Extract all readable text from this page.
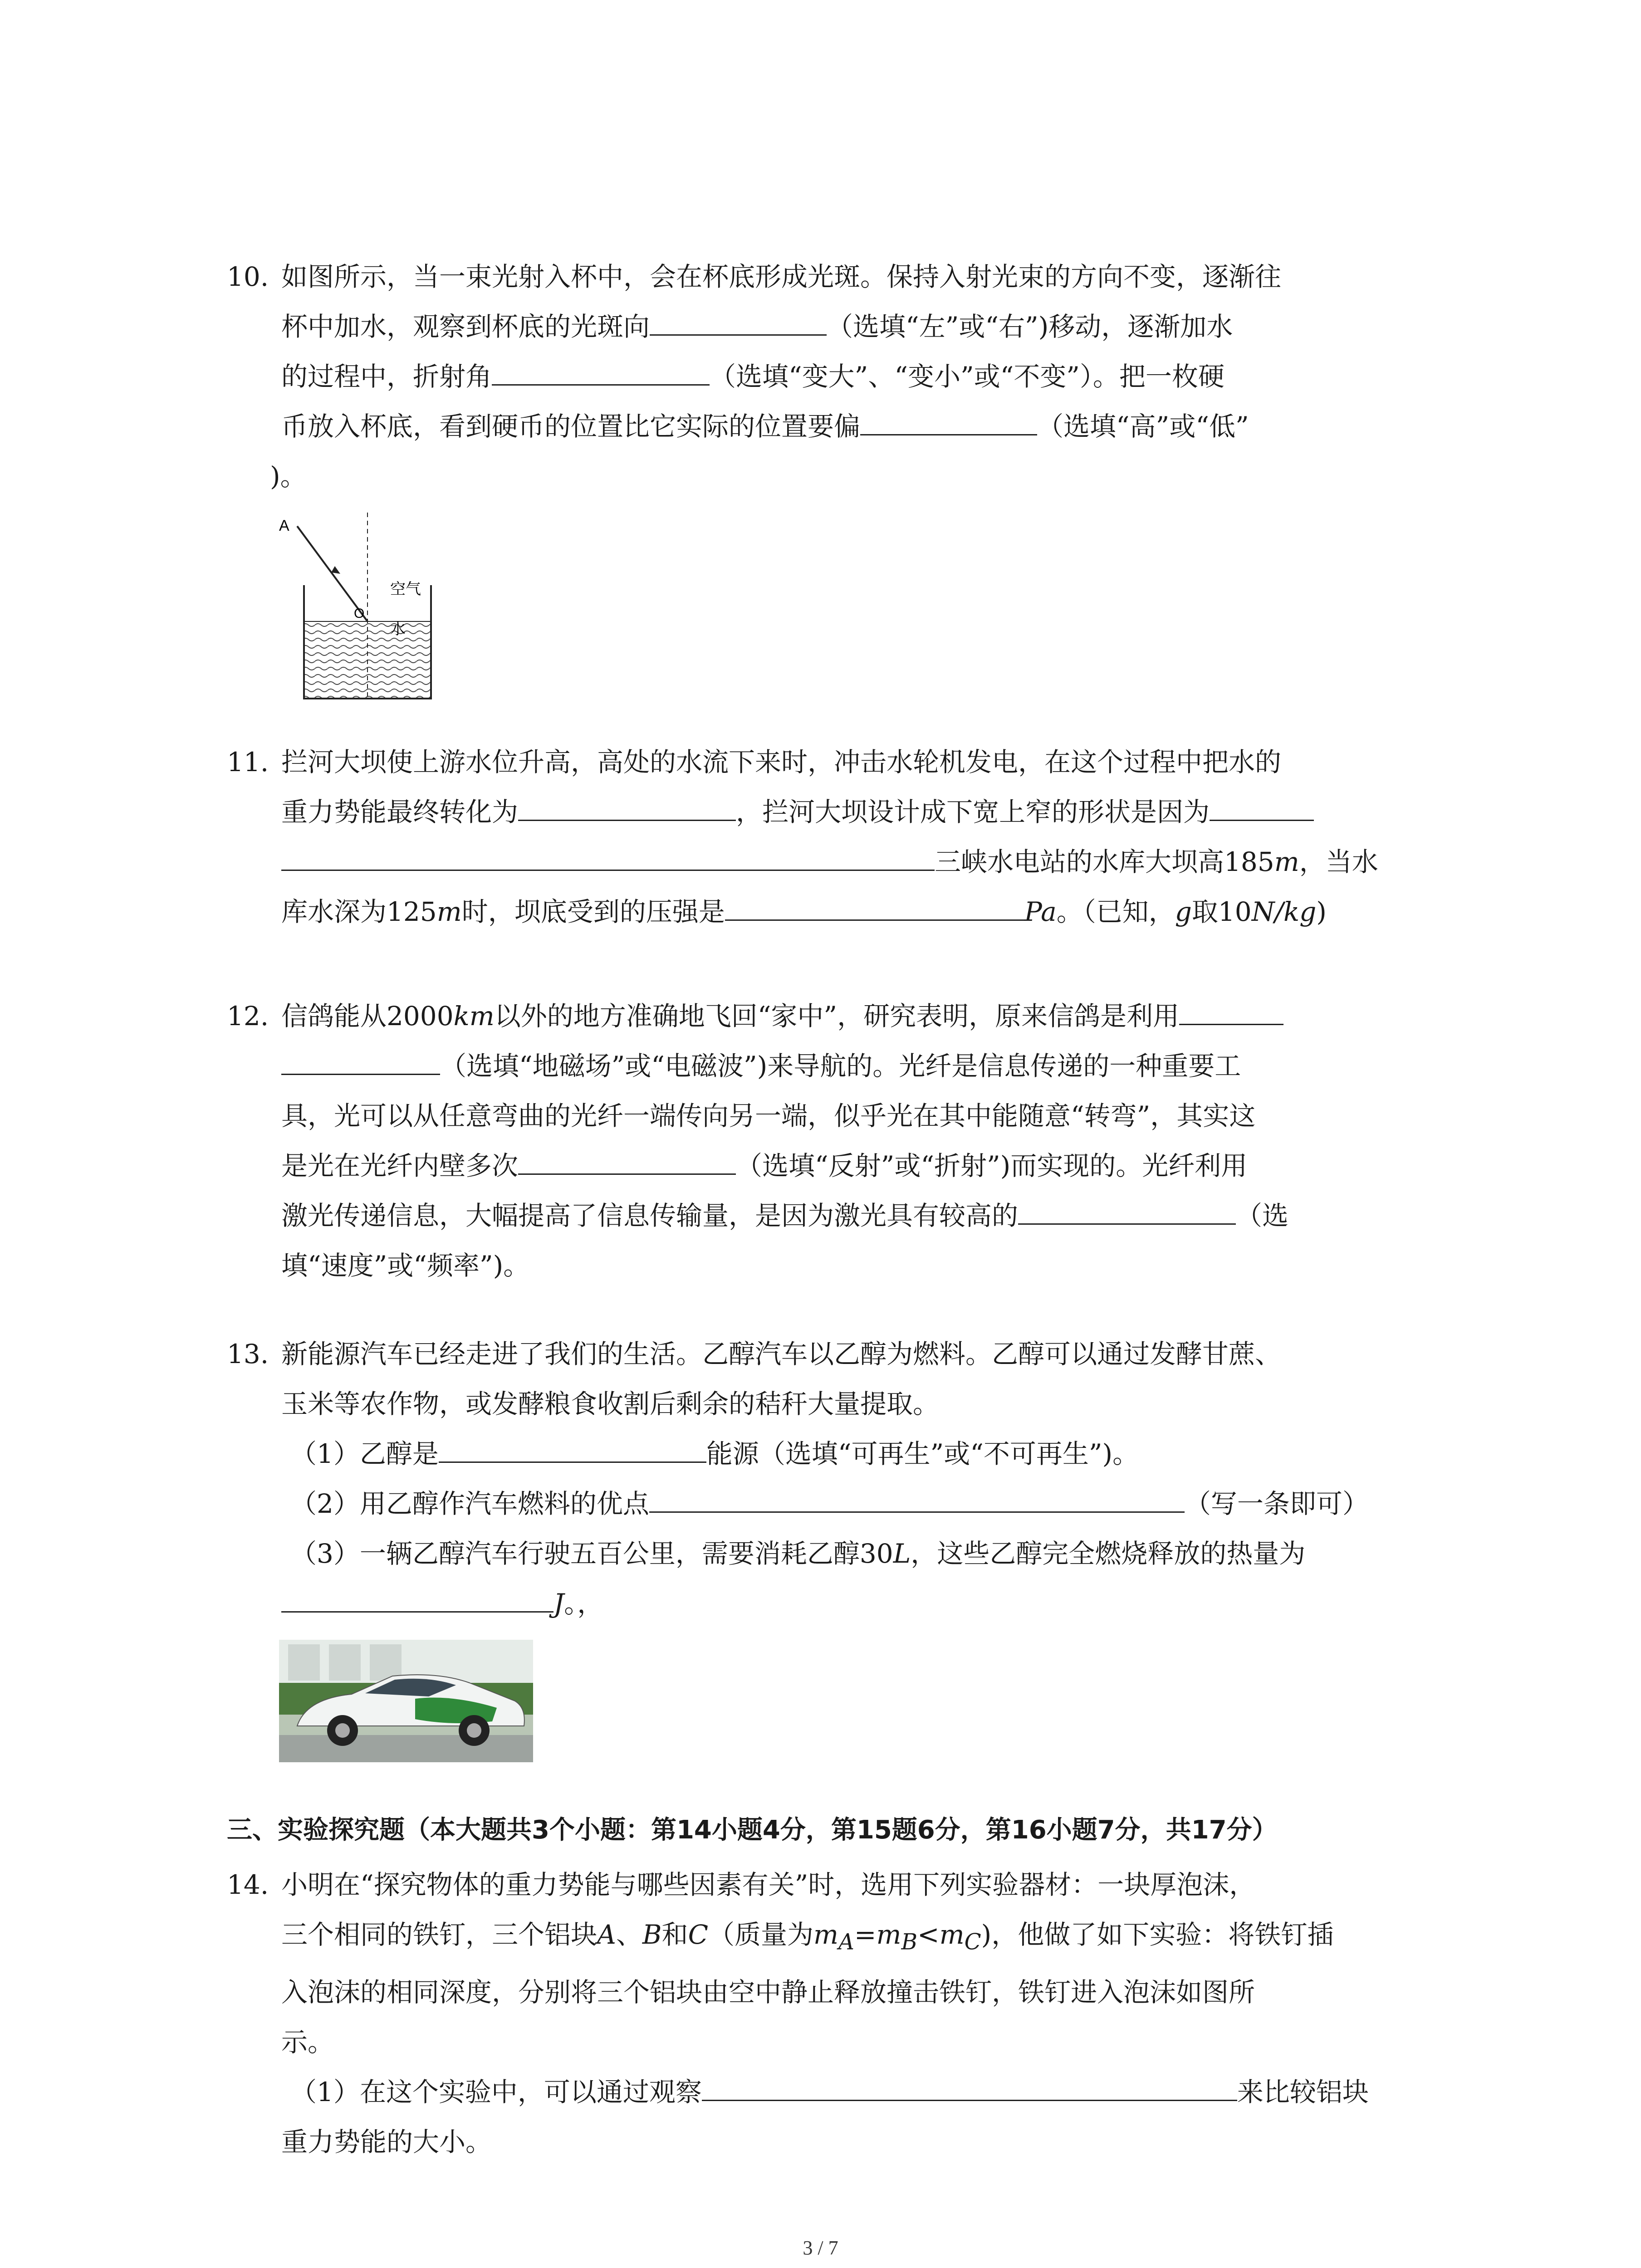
10. 如图所示，当一束光射入杯中，会在杯底形成光斑。保持入射光束的方向不变，逐渐往
杯中加水，观察到杯底的光斑向	（选填“左”或“右”)移动，逐渐加水
的过程中，折射角	（选填“变大”、“变小”或“不变”）。把一枚硬
币放入杯底，看到硬币的位置比它实际的位置要偏	（选填“高”或“低”
)。
A
O
空气
水
11. 拦河大坝使上游水位升高，高处的水流下来时，冲击水轮机发电，在这个过程中把水的
重力势能最终转化为	，拦河大坝设计成下宽上窄的形状是因为
三峡水电站的水库大坝高185m，当水
库水深为125m时，坝底受到的压强是	Pa。（已知，g取10N/kg)
12. 信鸽能从2000km以外的地方准确地飞回“家中”，研究表明，原来信鸽是利用
（选填“地磁场”或“电磁波”)来导航的。光纤是信息传递的一种重要工
具，光可以从任意弯曲的光纤一端传向另一端，似乎光在其中能随意“转弯”，其实这
是光在光纤内壁多次	（选填“反射”或“折射”)而实现的。光纤利用
激光传递信息，大幅提高了信息传输量，是因为激光具有较高的	（选
填“速度”或“频率”)。
13. 新能源汽车已经走进了我们的生活。乙醇汽车以乙醇为燃料。乙醇可以通过发酵甘蔗、
玉米等农作物，或发酵粮食收割后剩余的秸秆大量提取。
（1）乙醇是	能源（选填“可再生”或“不可再生”)。
（2）用乙醇作汽车燃料的优点	（写一条即可）
（3）一辆乙醇汽车行驶五百公里，需要消耗乙醇30L，这些乙醇完全燃烧释放的热量为
J。，
三、实验探究题（本大题共3个小题：第14小题4分，第15题6分，第16小题7分，共17分）
14. 小明在“探究物体的重力势能与哪些因素有关”时，选用下列实验器材：一块厚泡沫，
三个相同的铁钉，三个铝块A、B和C（质量为$m_A=m_B<m_C$)，他做了如下实验：将铁钉插
入泡沫的相同深度，分别将三个铝块由空中静止释放撞击铁钉，铁钉进入泡沫如图所
示。
（1）在这个实验中，可以通过观察	来比较铝块
重力势能的大小。
3 / 7
